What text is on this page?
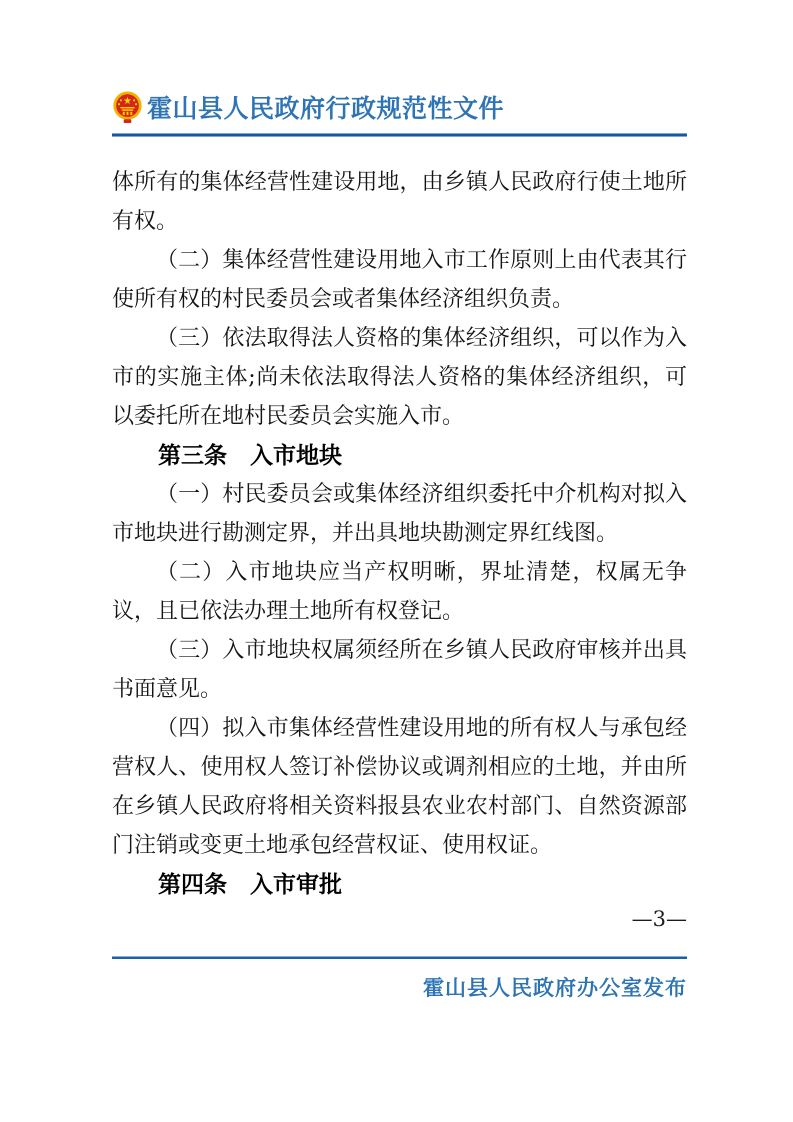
霍山县人民政府行政规范性文件

体所有的集体经营性建设用地，由乡镇人民政府行使土地所有权。

（二）集体经营性建设用地入市工作原则上由代表其行使所有权的村民委员会或者集体经济组织负责。

（三）依法取得法人资格的集体经济组织，可以作为入市的实施主体;尚未依法取得法人资格的集体经济组织，可以委托所在地村民委员会实施入市。

第三条　入市地块

（一）村民委员会或集体经济组织委托中介机构对拟入市地块进行勘测定界，并出具地块勘测定界红线图。

（二）入市地块应当产权明晰，界址清楚，权属无争议，且已依法办理土地所有权登记。

（三）入市地块权属须经所在乡镇人民政府审核并出具书面意见。

（四）拟入市集体经营性建设用地的所有权人与承包经营权人、使用权人签订补偿协议或调剂相应的土地，并由所在乡镇人民政府将相关资料报县农业农村部门、自然资源部门注销或变更土地承包经营权证、使用权证。

第四条　入市审批
—3—
霍山县人民政府办公室发布
